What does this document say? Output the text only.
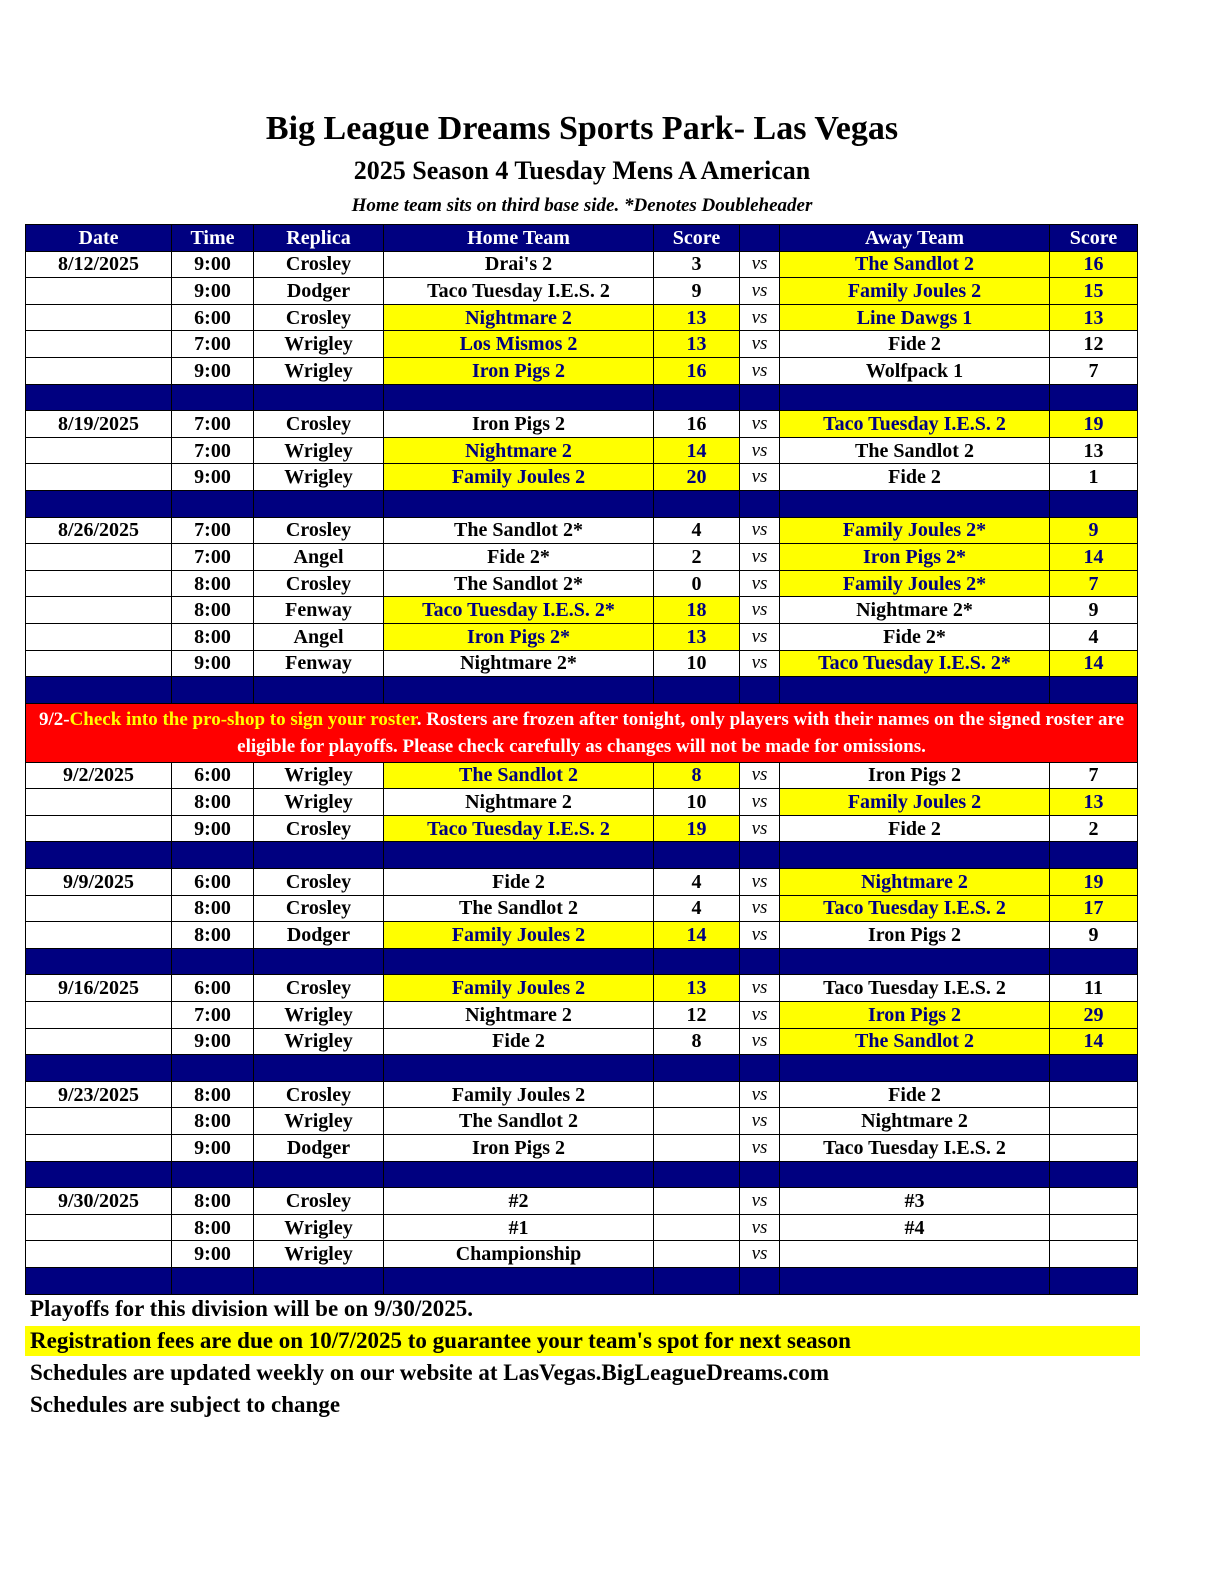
Big League Dreams Sports Park- Las Vegas
2025 Season 4 Tuesday Mens A American
Home team sits on third base side. *Denotes Doubleheader
Date	Time	Replica	Home Team	Score		Away Team	Score
8/12/2025	9:00	Crosley	Drai's 2	3	vs	The Sandlot 2	16
	9:00	Dodger	Taco Tuesday I.E.S. 2	9	vs	Family Joules 2	15
	6:00	Crosley	Nightmare 2	13	vs	Line Dawgs 1	13
	7:00	Wrigley	Los Mismos 2	13	vs	Fide 2	12
	9:00	Wrigley	Iron Pigs 2	16	vs	Wolfpack 1	7

8/19/2025	7:00	Crosley	Iron Pigs 2	16	vs	Taco Tuesday I.E.S. 2	19
	7:00	Wrigley	Nightmare 2	14	vs	The Sandlot 2	13
	9:00	Wrigley	Family Joules 2	20	vs	Fide 2	1

8/26/2025	7:00	Crosley	The Sandlot 2*	4	vs	Family Joules 2*	9
	7:00	Angel	Fide 2*	2	vs	Iron Pigs 2*	14
	8:00	Crosley	The Sandlot 2*	0	vs	Family Joules 2*	7
	8:00	Fenway	Taco Tuesday I.E.S. 2*	18	vs	Nightmare 2*	9
	8:00	Angel	Iron Pigs 2*	13	vs	Fide 2*	4
	9:00	Fenway	Nightmare 2*	10	vs	Taco Tuesday I.E.S. 2*	14

9/2-Check into the pro-shop to sign your roster. Rosters are frozen after tonight, only players with their names on the signed roster are eligible for playoffs. Please check carefully as changes will not be made for omissions.							
9/2/2025	6:00	Wrigley	The Sandlot 2	8	vs	Iron Pigs 2	7
	8:00	Wrigley	Nightmare 2	10	vs	Family Joules 2	13
	9:00	Crosley	Taco Tuesday I.E.S. 2	19	vs	Fide 2	2

9/9/2025	6:00	Crosley	Fide 2	4	vs	Nightmare 2	19
	8:00	Crosley	The Sandlot 2	4	vs	Taco Tuesday I.E.S. 2	17
	8:00	Dodger	Family Joules 2	14	vs	Iron Pigs 2	9

9/16/2025	6:00	Crosley	Family Joules 2	13	vs	Taco Tuesday I.E.S. 2	11
	7:00	Wrigley	Nightmare 2	12	vs	Iron Pigs 2	29
	9:00	Wrigley	Fide 2	8	vs	The Sandlot 2	14

9/23/2025	8:00	Crosley	Family Joules 2		vs	Fide 2	
	8:00	Wrigley	The Sandlot 2		vs	Nightmare 2	
	9:00	Dodger	Iron Pigs 2		vs	Taco Tuesday I.E.S. 2	

9/30/2025	8:00	Crosley	#2		vs	#3	
	8:00	Wrigley	#1		vs	#4	
	9:00	Wrigley	Championship		vs		

Playoffs for this division will be on 9/30/2025.
Registration fees are due on 10/7/2025 to guarantee your team's spot for next season
Schedules are updated weekly on our website at LasVegas.BigLeagueDreams.com
Schedules are subject to change
